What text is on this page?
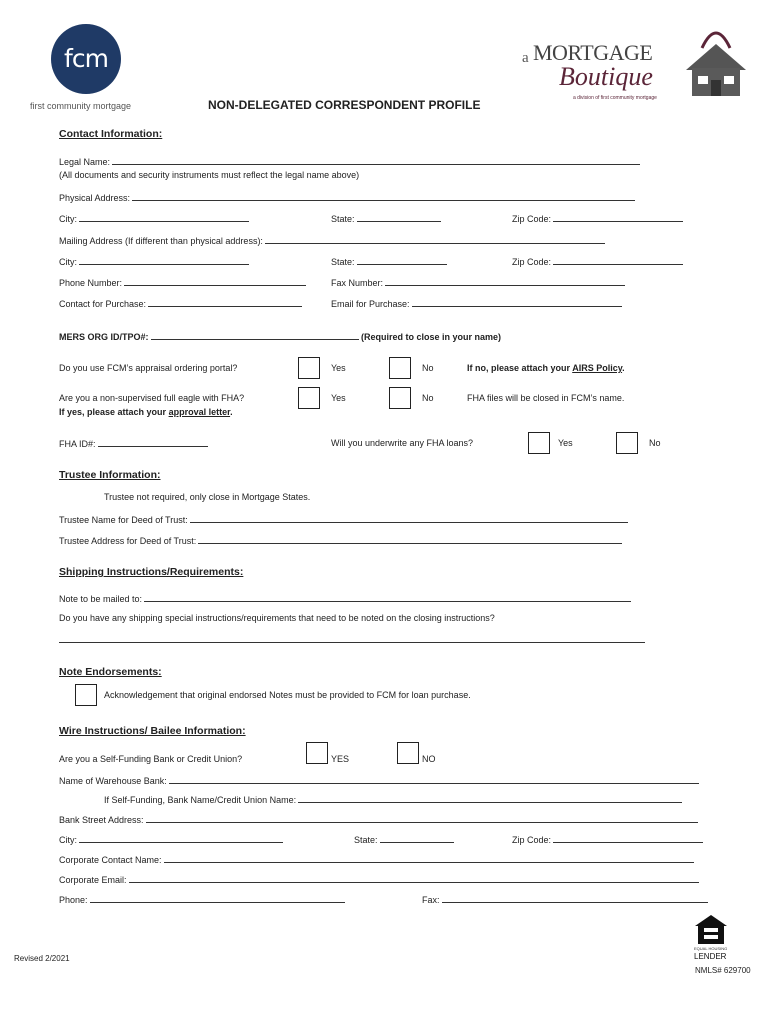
fcm
first community mortgage
a MORTGAGE
Boutique
a division of first community mortgage
NON-DELEGATED CORRESPONDENT PROFILE
Contact Information:
Legal Name:
(All documents and security instruments must reflect the legal name above)
Physical Address:
City:	State:	Zip Code:
Mailing Address (If different than physical address):
City:	State:	Zip Code:
Phone Number:	Fax Number:
Contact for Purchase:	Email for Purchase:
MERS ORG ID/TPO#:	(Required to close in your name)
Do you use FCM’s appraisal ordering portal?	Yes	No	If no, please attach your AIRS Policy.
Are you a non-supervised full eagle with FHA?
If yes, please attach your approval letter.
Yes	No	FHA files will be closed in FCM’s name.
FHA ID#:	Will you underwrite any FHA loans?	Yes	No
Trustee Information:
Trustee not required, only close in Mortgage States.
Trustee Name for Deed of Trust:
Trustee Address for Deed of Trust:
Shipping Instructions/Requirements:
Note to be mailed to:
Do you have any shipping special instructions/requirements that need to be noted on the closing instructions?
Note Endorsements:
Acknowledgement that original endorsed Notes must be provided to FCM for loan purchase.
Wire Instructions/ Bailee Information:
Are you a Self-Funding Bank or Credit Union?	YES	NO
Name of Warehouse Bank:
If Self-Funding, Bank Name/Credit Union Name:
Bank Street Address:
City:	State:	Zip Code:
Corporate Contact Name:
Corporate Email:
Phone:	Fax:
Revised 2/2021
EQUAL HOUSING
LENDER
NMLS# 629700
